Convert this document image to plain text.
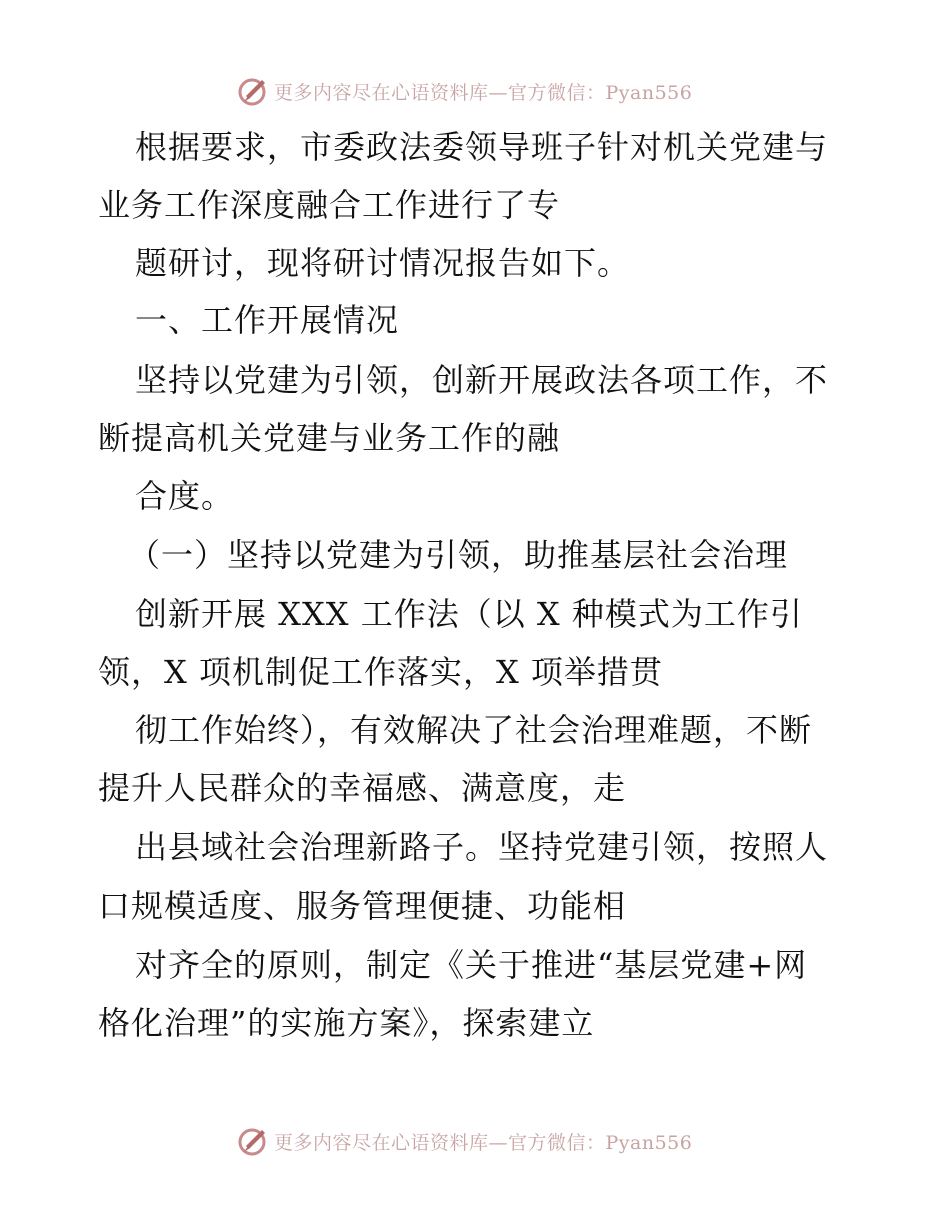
更多内容尽在心语资料库—官方微信：Pyan556
根据要求，市委政法委领导班子针对机关党建与
业务工作深度融合工作进行了专
题研讨，现将研讨情况报告如下。
一、工作开展情况
坚持以党建为引领，创新开展政法各项工作，不
断提高机关党建与业务工作的融
合度。
（一）坚持以党建为引领，助推基层社会治理
创新开展 XXX 工作法（以 X 种模式为工作引
领，X 项机制促工作落实，X 项举措贯
彻工作始终），有效解决了社会治理难题，不断
提升人民群众的幸福感、满意度，走
出县域社会治理新路子。坚持党建引领，按照人
口规模适度、服务管理便捷、功能相
对齐全的原则，制定《关于推进“基层党建+网
格化治理”的实施方案》，探索建立
更多内容尽在心语资料库—官方微信：Pyan556
